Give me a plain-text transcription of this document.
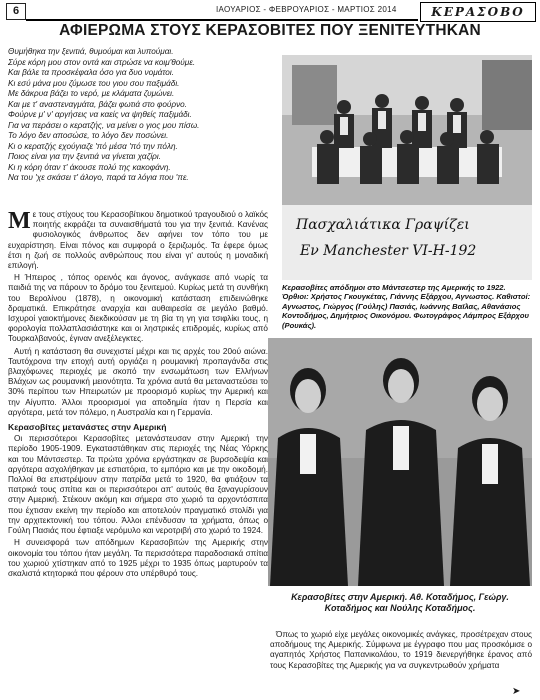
6	ΙΑΟΥΑΡΙΟΣ - ΦΕΒΡΟΥΑΡΙΟΣ - ΜΑΡΤΙΟΣ 2014	ΚΕΡΑΣΟΒΟ
ΑΦΙΕΡΩΜΑ ΣΤΟΥΣ ΚΕΡΑΣΟΒΙΤΕΣ ΠΟΥ ΞΕΝΙΤΕΥΤΗΚΑΝ
Θυμήθηκα την ξενιτιά, θυμούμαι και λυπούμαι.
Σύρε κόρη μου στον οντά και στρώσε να κοιμ'θούμε.
Και βάλε τα προσκέφαλα όσο για δυο νομάτοι.
Κι εσύ μάνα μου ζύμωσε του γιου σου παξιμάδι.
Με δάκρυα βάζει το νερό, με κλάματα ζυμώνει.
Και με τ' αναστεναγμάτα, βάζει φωτιά στο φούρνο.
Φούρνε μ' ν' αργήσεις να καείς να ψηθείς παξιμάδι.
Για να περάσει ο κερατζής, να μείνει ο γιος μου πίσω.
Το λόγο δεν αποσώσε, το λόγο δεν ποσώνει.
Κι ο κερατζής εχούγιαζε 'πό μέσα 'πό την πόλη.
Ποιος είναι για την ξενιτιά να γίνεται χαζίρι.
Κι η κόρη όταν τ' άκουσε πολύ της κακοφάνη.
Να του 'χε σκάσει τ' άλογο, παρά τα λόγια που 'πε.
Πασχαλιάτικα Γραψίζει
Εν Manchester VI-H-192
Κερασοβίτες απόδημοι στο Μάντσεστερ της Αμερικής το 1922. Όρθιοι: Χρήστος Γκουγκέτας, Γιάννης Εξάρχου, Αγνωστος. Καθιστοί: Αγνωστος, Γιώργος (Γούλης) Πασιάς, Ιωάννης Βαϊλας, Αθανάσιος Κοντοδήμος, Δημήτριος Οικονόμου. Φωτογράφος Λάμπρος Εξάρχου (Ρουκάς).
Κερασοβίτες στην Αμερική. Αθ. Κοταδήμος, Γεώργ. Κοταδήμος και Νούλης Κοταδήμος.

Με τους στίχους του Κερασοβίτικου δημοτικού τραγουδιού ο λαϊκός ποιητής εκφράζει τα συναισθήματά του για την ξενιτιά. Κανένας φυσιολογικός άνθρωπος δεν αφήνει τον τόπο του με ευχαρίστηση. Είναι πόνος και συμφορά ο ξεριζωμός. Τα έφερε όμως έτσι η ζωή σε πολλούς ανθρώπους που είναι γι' αυτούς η μοναδική επιλογή.

Η Ήπειρος , τόπος ορεινός και άγονος, ανάγκασε από νωρίς τα παιδιά της να πάρουν το δρόμο του ξενιτεμού. Κυρίως μετά τη συνθήκη του Βερολίνου (1878), η οικονομική κατάσταση επιδεινώθηκε δραματικά. Επικράτησε αναρχία και αυθαιρεσία σε μεγάλο βαθμό. Ισχυροί γαιοκτήμονες διεκδικούσαν με τη βία τη γη για τσιφλίκι τους, η φορολογία πολλαπλασιάστηκε και οι ληστρικές επιδρομές, κυρίως από Τουρκαλβανούς, έγιναν ανεξέλεγκτες.

Αυτή η κατάσταση θα συνεχιστεί μέχρι και τις αρχές του 20ού αιώνα. Ταυτόχρονα την εποχή αυτή οργιάζει η ρουμανική προπαγάνδα στις βλαχόφωνες περιοχές με σκοπό την ενσωμάτωση των Ελλήνων Βλάχων ως ρουμανική μειονότητα. Τα χρόνια αυτά θα μεταναστεύσει το 30% περίπου των Ηπειρωτών με προορισμό κυρίως την Αμερική και την Αίγυπτο. Άλλοι προορισμοί για αποδημία ήταν η Περσία και αργότερα, μετά τον πόλεμο, η Αυστραλία και η Γερμανία.

Κερασοβίτες μετανάστες στην Αμερική

Οι περισσότεροι Κερασοβίτες μετανάστευσαν στην Αμερική την περίοδο 1905-1909. Εγκαταστάθηκαν στις περιοχές της Νέας Υόρκης και του Μάντσεστερ. Τα πρώτα χρόνια εργάστηκαν σε βυρσοδεψία και αργότερα ασχολήθηκαν με εστιατόρια, το εμπόριο και με την οικοδομή. Πολλοί θα επιστρέψουν στην πατρίδα μετά το 1920, θα φτιάξουν τα πατρικά τους σπίτια και οι περισσότεροι απ' αυτούς θα ξαναγυρίσουν στην Αμερική. Στέκουν ακόμη και σήμερα στο χωριό τα αρχοντόσπιτα που έχτισαν εκείνη την περίοδο και αποτελούν πραγματικό στολίδι για την αρχιτεκτονική του τόπου. Άλλοι επένδυσαν τα χρήματα, όπως ο Γούλη Πασιάς που έφτιαξε νερόμυλο και νεροτριβή στο χωριό το 1924.

Η συνεισφορά των απόδημων Κερασοβιτών της Αμερικής στην οικονομία του τόπου ήταν μεγάλη. Τα περισσότερα παραδοσιακά σπίτια του χωριού χτίστηκαν από το 1925 μέχρι το 1935 όπως μαρτυρούν τα σκαλιστά κτητορικά που φέρουν στο υπέρθυρό τους.

Όπως το χωριό είχε μεγάλες οικονομικές ανάγκες, προσέτρεχαν στους αποδήμους της Αμερικής. Σύμφωνα με έγγραφο που μας προσκόμισε ο αγαπητός Χρήστος Παπανικολάου, το 1919 διενεργήθηκε έρανος από τους Κερασοβίτες της Αμερικής για να συγκεντρωθούν χρήματα

➤
